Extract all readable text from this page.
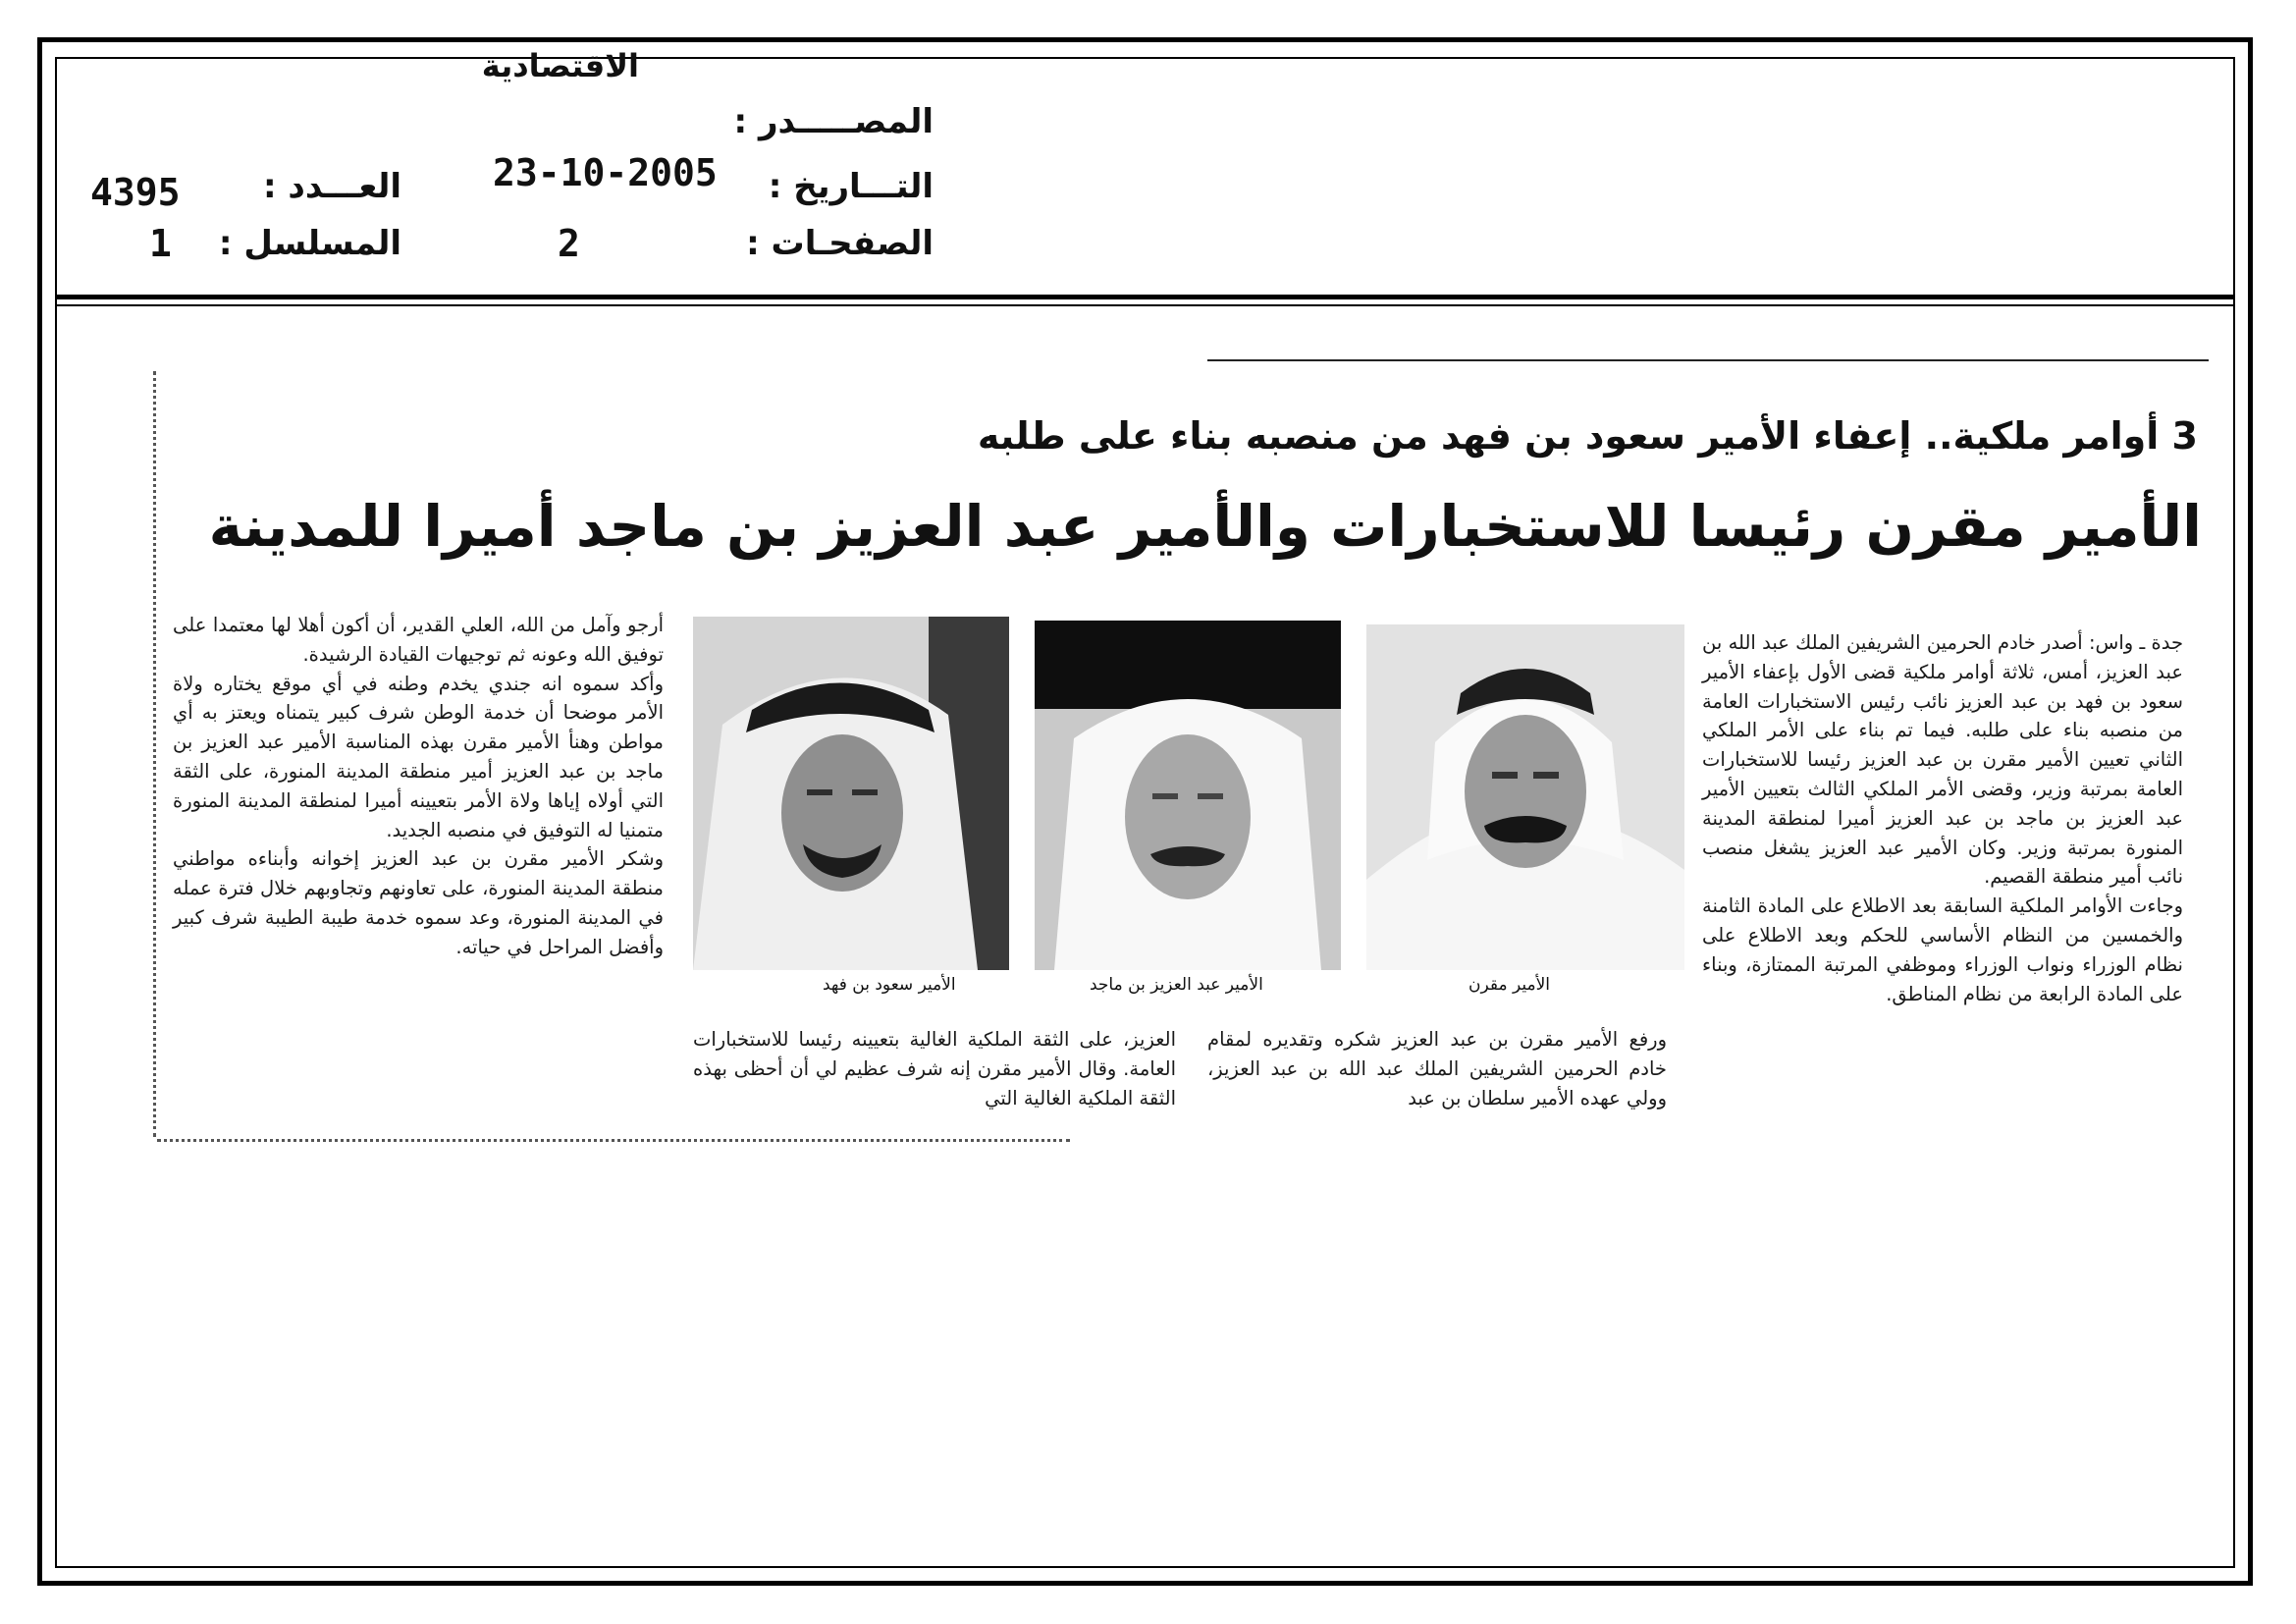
المصـــــدر :
الاقتصادية
التـــاريخ :
23-10-2005
الصفحـات :
2
العـــدد :
4395
المسلسل :
1
3 أوامر ملكية.. إعفاء الأمير سعود بن فهد من منصبه بناء على طلبه
الأمير مقرن رئيسا للاستخبارات والأمير عبد العزيز بن ماجد أميرا للمدينة
جدة ـ واس: أصدر خادم الحرمين الشريفين الملك عبد الله بن عبد العزيز، أمس، ثلاثة أوامر ملكية قضى الأول بإعفاء الأمير سعود بن فهد بن عبد العزيز نائب رئيس الاستخبارات العامة من منصبه بناء على طلبه. فيما تم بناء على الأمر الملكي الثاني تعيين الأمير مقرن بن عبد العزيز رئيسا للاستخبارات العامة بمرتبة وزير، وقضى الأمر الملكي الثالث بتعيين الأمير عبد العزيز بن ماجد بن عبد العزيز أميرا لمنطقة المدينة المنورة بمرتبة وزير. وكان الأمير عبد العزيز يشغل منصب نائب أمير منطقة القصيم.
وجاءت الأوامر الملكية السابقة بعد الاطلاع على المادة الثامنة والخمسين من النظام الأساسي للحكم وبعد الاطلاع على نظام الوزراء ونواب الوزراء وموظفي المرتبة الممتازة، وبناء على المادة الرابعة من نظام المناطق.
الأمير مقرن
الأمير عبد العزيز بن ماجد
الأمير سعود بن فهد
ورفع الأمير مقرن بن عبد العزيز شكره وتقديره لمقام خادم الحرمين الشريفين الملك عبد الله بن عبد العزيز، وولي عهده الأمير سلطان بن عبد
العزيز، على الثقة الملكية الغالية بتعيينه رئيسا للاستخبارات العامة. وقال الأمير مقرن إنه شرف عظيم لي أن أحظى بهذه الثقة الملكية الغالية التي
أرجو وآمل من الله، العلي القدير، أن أكون أهلا لها معتمدا على توفيق الله وعونه ثم توجيهات القيادة الرشيدة.
وأكد سموه انه جندي يخدم وطنه في أي موقع يختاره ولاة الأمر موضحا أن خدمة الوطن شرف كبير يتمناه ويعتز به أي مواطن وهنأ الأمير مقرن بهذه المناسبة الأمير عبد العزيز بن ماجد بن عبد العزيز أمير منطقة المدينة المنورة، على الثقة التي أولاه إياها ولاة الأمر بتعيينه أميرا لمنطقة المدينة المنورة متمنيا له التوفيق في منصبه الجديد.
وشكر الأمير مقرن بن عبد العزيز إخوانه وأبناءه مواطني منطقة المدينة المنورة، على تعاونهم وتجاوبهم خلال فترة عمله في المدينة المنورة، وعد سموه خدمة طيبة الطيبة شرف كبير وأفضل المراحل في حياته.
